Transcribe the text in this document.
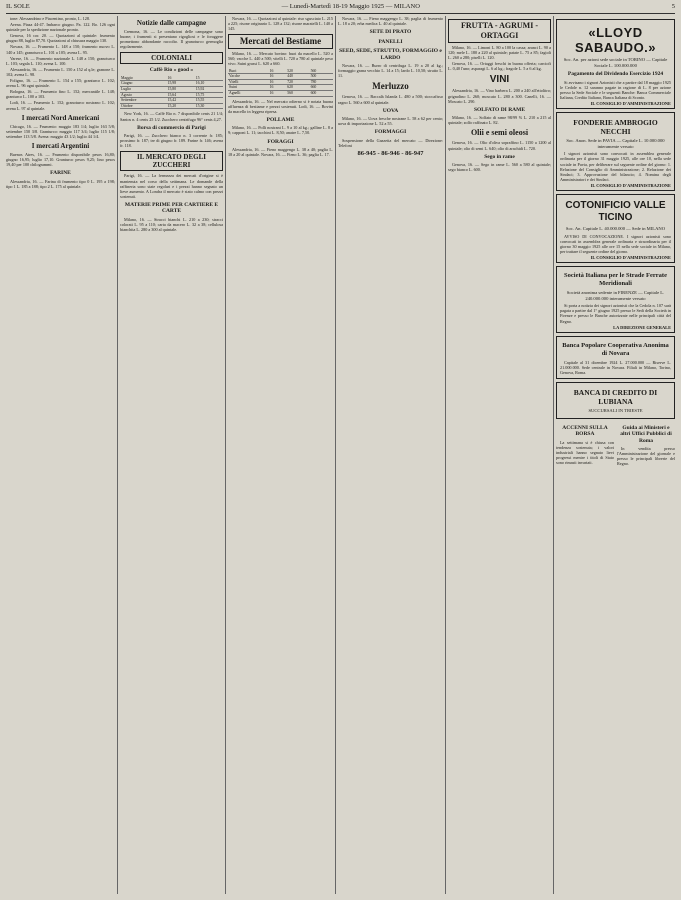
IL SOLE	— Lunedì-Martedì 18-19 Maggio 1925 — MILANO	5

tone: Alessandrino e Piacentino, pronto, L. 128.

Avena. Piaza 44-47. Imbarco giugno. Pa. 122. Bo. 126 ogni quintale per la spedizione nazionale pronto.

Genova, 16 cor. 20. — Quotazioni al quintale: frumento giugno 88, luglio 87,70. Quotazioni al chiusura maggio 130.

Novara, 16. — Frumento L. 148 a 150; frumento nuovo L. 140 a 145; granoturco L. 101 a 105; avena L. 95.

Varese, 16. — Frumento nazionale L. 148 a 150; granoturco L. 103; segala L. 110; avena L. 100.

Alessandria, 16. — Frumento L. 150 a 152 al q.le; granone L. 102; avena L. 98.

Foligno, 16. — Frumento L. 154 a 155; granturco L. 102; avena L. 96 ogni quintale.

Bologna, 16. — Frumento fino L. 152; mercantile L. 148; granturco L. 100 a 103.

Lodi, 16. — Frumento L. 152; granoturco nostrano L. 102; avena L. 97 al quintale.

I mercati Nord Americani

Chicago, 16. — Frumento: maggio 183 1/4; luglio 163 5/8; settembre 150 3/8. Granturco: maggio 117 3/4; luglio 115 1/8; settembre 113 5/8. Avena: maggio 43 1/2; luglio 44 1/4.

I mercati Argentini

Buenos Aires, 16. — Frumento disponibile pesos 16,80; giugno 16,95; luglio 17,10. Granturco pesos 9,25; lino pesos 19,40 per 100 chilogrammi.

FARINE

Alessandria, 16. — Farina di frumento tipo 0 L. 195 a 198; tipo 1 L. 185 a 188; tipo 2 L. 175 al quintale.

Notizie dalle campagne

Cremona, 16. — Le condizioni delle campagne sono buone; i frumenti si presentano rigogliosi e le foraggere promettono abbondante raccolto. Il granoturco germoglia regolarmente.

COLONIALI
Caffè Rio « good »
Maggio	16	15
Giugno	15,98	16,10
Luglio	15,80	15,92
Agosto	15,64	15,75
Settembre	15,42	15,55
Ottobre	15,20	15,30

New York, 16. — Caffè Rio n. 7 disponibile cents 21 1/4; Santos n. 4 cents 25 1/2. Zucchero centrifugo 96° cents 4,27.

Borsa di commercio di Parigi

Parigi, 16. — Zucchero bianco n. 3 corrente fr. 185; prossimo fr. 187; tre di giugno fr. 189. Farine fr. 146; avena fr. 118.

IL MERCATO DEGLI ZUCCHERI

Parigi, 16. — La fermezza dei mercati d'origine si è mantenuta nel corso della settimana. Le domande della raffineria sono state regolari e i prezzi hanno segnato un lieve aumento. A Londra il mercato è stato calmo con prezzi sostenuti.

MATERIE PRIME PER CARTIERE E CARTE

Milano, 16. — Stracci bianchi L. 210 a 230; stracci colorati L. 95 a 110; carta da macero L. 32 a 38; cellulosa bianchita L. 280 a 300 al quintale.

Novara, 16. — Quotazioni al quintale: riso sgusciato L. 215 a 225; risone originario L. 128 a 132; risone maratelli L. 140 a 145.

Mercati del Bestiame

Milano, 16. — Mercato bovino: buoi da macello L. 520 a 560; vacche L. 440 a 500; vitelli L. 720 a 780 al quintale peso vivo. Suini grassi L. 620 a 660.

Buoi	16	520	560
Vacche	16	440	500
Vitelli	16	720	780
Suini	16	620	660
Agnelli	16	560	600

Alessandria, 16. — Nel mercato odierno si è notata buona affluenza di bestiame e prezzi sostenuti. Lodi, 16. — Bovini da macello in leggera ripresa.

POLLAME

Milano, 16. — Polli nostrani L. 9 a 10 al kg.; galline L. 8 a 9; capponi L. 11; tacchini L. 8,50; anatre L. 7,50.

FORAGGI

Alessandria, 16. — Fieno maggengo L. 38 a 40; paglia L. 18 a 20 al quintale. Novara, 16. — Fieno L. 36; paglia L. 17.

Novara, 16. — Fieno maggengo L. 38; paglia di frumento L. 18 a 20; erba medica L. 40 al quintale.

SETE DI PRATO
PANELLI
SEED, SEDE, STRUTTO, FORMAGGIO e LARDO

Novara, 16. — Burro di centrifuga L. 19 a 20 al kg.; formaggio grana vecchio L. 14 a 15; lardo L. 10,50; strutto L. 11.

Merluzzo

Genova, 16. — Baccalà Islanda L. 480 a 500; stoccafisso ragno L. 560 a 600 al quintale.

UOVA

Milano, 16. — Uova fresche nostrane L. 58 a 62 per cento; uova di importazione L. 52 a 55.

FORMAGGI

Sospensione della Gazzetta del mercato — Direzione: Telefoni

86-945 - 86-946 - 86-947
FRUTTA - AGRUMI - ORTAGGI

Milano, 16. — Limoni L. 80 a 100 la cassa; aranci L. 90 a 120; mele L. 180 a 220 al quintale; patate L. 75 a 85; fagioli L. 260 a 280; piselli L. 120.

Genova, 16. — Ortaggi freschi in buona offerta; carciofi L. 0,40 l'uno; asparagi L. 6 al kg.; fragole L. 5 a 6 al kg.

VINI

Alessandria, 16. — Vino barbera L. 200 a 240 all'ettolitro; grignolino L. 260; moscato L. 280 a 300. Canelli, 16. — Moscato L. 290.

SOLFATO DI RAME

Milano, 16. — Solfato di rame 98/99 % L. 210 a 215 al quintale; zolfo raffinato L. 82.

Olii e semi oleosi

Genova, 16. — Olio d'oliva sopraffino L. 1150 a 1200 al quintale; olio di semi L. 640; olio di arachidi L. 720.

Sego in rame

Genova, 16. — Sego in rame L. 560 a 580 al quintale; sego bianco L. 600.

«LLOYD SABAUDO.»
Soc. An. per azioni sede sociale in TORINO — Capitale Sociale L. 100.000.000
Pagamento del Dividendo Esercizio 1924

Si avvisano i signori Azionisti che a partire dal 18 maggio 1925 le Cedole n. 12 saranno pagate in ragione di L. 8 per azione presso la Sede Sociale e le seguenti Banche: Banca Commerciale Italiana, Credito Italiano, Banca Italiana di Sconto.

IL CONSIGLIO D'AMMINISTRAZIONE
FONDERIE AMBROGIO NECCHI
Soc. Anon. Sede in PAVIA — Capitale L. 10.000.000 interamente versato

I signori azionisti sono convocati in assemblea generale ordinaria per il giorno 31 maggio 1925, alle ore 10, nella sede sociale in Pavia, per deliberare sul seguente ordine del giorno: 1. Relazione del Consiglio di Amministrazione; 2. Relazione dei Sindaci; 3. Approvazione del bilancio; 4. Nomina degli Amministratori e dei Sindaci.

IL CONSIGLIO D'AMMINISTRAZIONE
COTONIFICIO VALLE TICINO
Soc. An. Capitale L. 40.000.000 — Sede in MILANO

AVVISO DI CONVOCAZIONE. I signori azionisti sono convocati in assemblea generale ordinaria e straordinaria per il giorno 30 maggio 1925 alle ore 15 nella sede sociale in Milano, per trattare il seguente ordine del giorno.

IL CONSIGLIO D'AMMINISTRAZIONE
Società Italiana per le Strade Ferrate Meridionali
Società anonima sedente in FIRENZE — Capitale L. 240.000.000 interamente versato

Si porta a notizia dei signori azionisti che la Cedola n. 107 sarà pagata a partire dal 1° giugno 1925 presso le Sedi della Società in Firenze e presso le Banche autorizzate nelle principali città del Regno.

LA DIREZIONE GENERALE
Banca Popolare Cooperativa Anonima di Novara

Capitale al 31 dicembre 1924 L. 27.000.000 — Riserve L. 21.000.000. Sede centrale in Novara. Filiali in Milano, Torino, Genova, Roma.

BANCA DI CREDITO DI LUBIANA
SUCCURSALI IN TRIESTE
ACCENNI SULLA BORSA

La settimana si è chiusa con tendenza sostenuta; i valori industriali hanno segnato lievi progressi mentre i titoli di Stato sono rimasti invariati.

Guida ai Ministeri e altri Uffici Pubblici di Roma

In vendita presso l'Amministrazione del giornale e presso le principali librerie del Regno.
